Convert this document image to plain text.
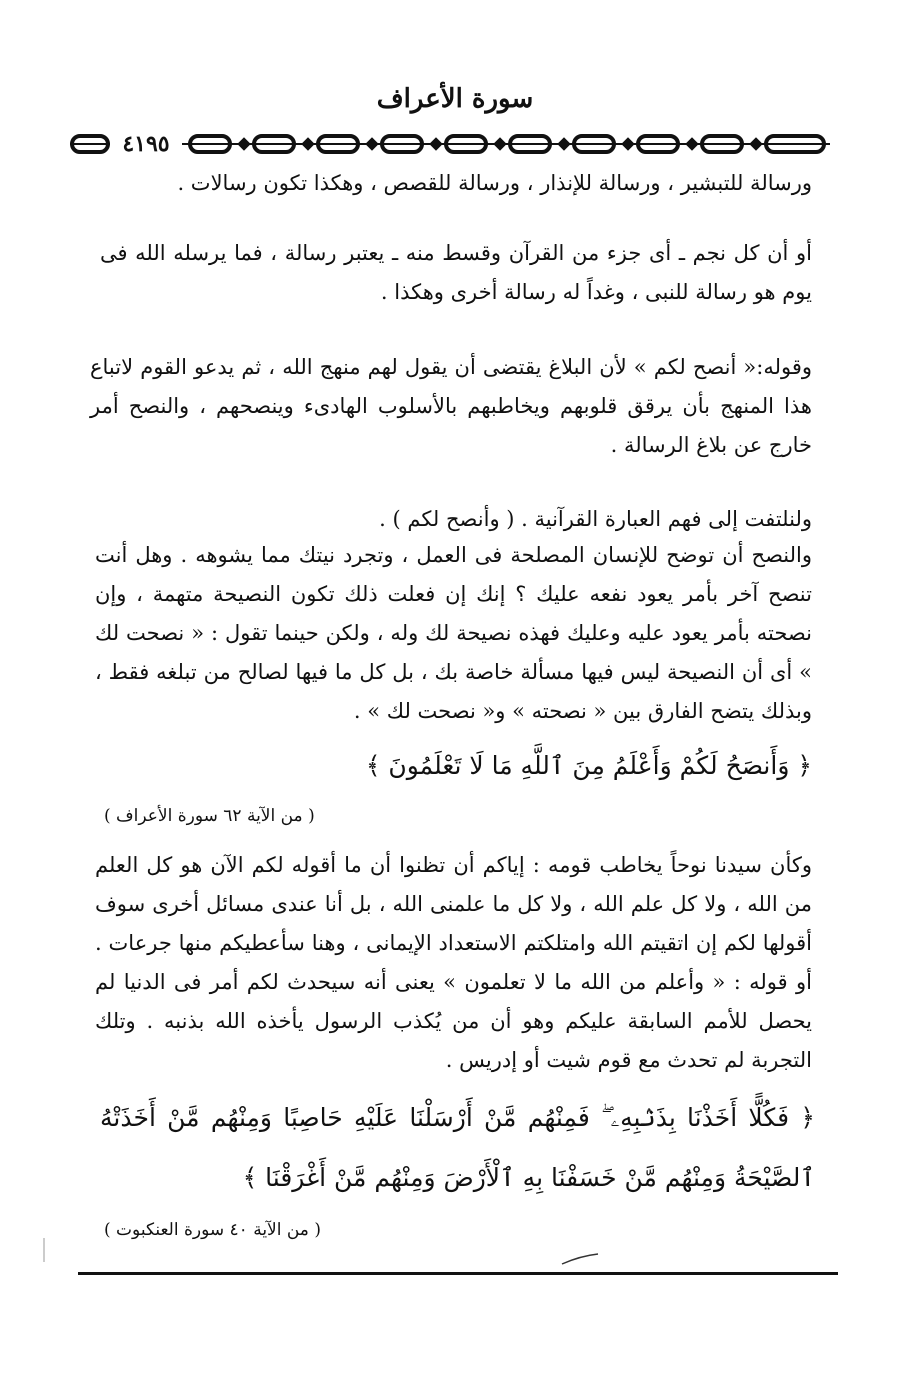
سورة الأعراف
٤١٩٥

ورسالة للتبشير ، ورسالة للإنذار ، ورسالة للقصص ، وهكذا تكون رسالات .

أو أن كل نجم ـ أى جزء من القرآن وقسط منه ـ يعتبر رسالة ، فما يرسله الله فى يوم هو رسالة للنبى ، وغداً له رسالة أخرى وهكذا .

وقوله:« أنصح لكم » لأن البلاغ يقتضى أن يقول لهم منهج الله ، ثم يدعو القوم لاتباع هذا المنهج بأن يرقق قلوبهم ويخاطبهم بالأسلوب الهادىء وينصحهم ، والنصح أمر خارج عن بلاغ الرسالة .

ولنلتفت إلى فهم العبارة القرآنية . ( وأنصح لكم ) .

والنصح أن توضح للإنسان المصلحة فى العمل ، وتجرد نيتك مما يشوهه . وهل أنت تنصح آخر بأمر يعود نفعه عليك ؟ إنك إن فعلت ذلك تكون النصيحة متهمة ، وإن نصحته بأمر يعود عليه وعليك فهذه نصيحة لك وله ، ولكن حينما تقول : « نصحت لك » أى أن النصيحة ليس فيها مسألة خاصة بك ، بل كل ما فيها لصالح من تبلغه فقط ، وبذلك يتضح الفارق بين « نصحته » و« نصحت لك » .

﴿ وَأَنصَحُ لَكُمْ وَأَعْلَمُ مِنَ ٱللَّهِ مَا لَا تَعْلَمُونَ ﴾

( من الآية ٦٢ سورة الأعراف )

وكأن سيدنا نوحاً يخاطب قومه : إياكم أن تظنوا أن ما أقوله لكم الآن هو كل العلم من الله ، ولا كل علم الله ، ولا كل ما علمنى الله ، بل أنا عندى مسائل أخرى سوف أقولها لكم إن اتقيتم الله وامتلكتم الاستعداد الإيمانى ، وهنا سأعطيكم منها جرعات . أو قوله : « وأعلم من الله ما لا تعلمون » يعنى أنه سيحدث لكم أمر فى الدنيا لم يحصل للأمم السابقة عليكم وهو أن من يُكذب الرسول يأخذه الله بذنبه . وتلك التجربة لم تحدث مع قوم شيت أو إدريس .

﴿ فَكُلًّا أَخَذْنَا بِذَنۢبِهِۦ ۖ فَمِنْهُم مَّنْ أَرْسَلْنَا عَلَيْهِ حَاصِبًا وَمِنْهُم مَّنْ أَخَذَتْهُ ٱلصَّيْحَةُ وَمِنْهُم مَّنْ خَسَفْنَا بِهِ ٱلْأَرْضَ وَمِنْهُم مَّنْ أَغْرَقْنَا ﴾

( من الآية ٤٠ سورة العنكبوت )
